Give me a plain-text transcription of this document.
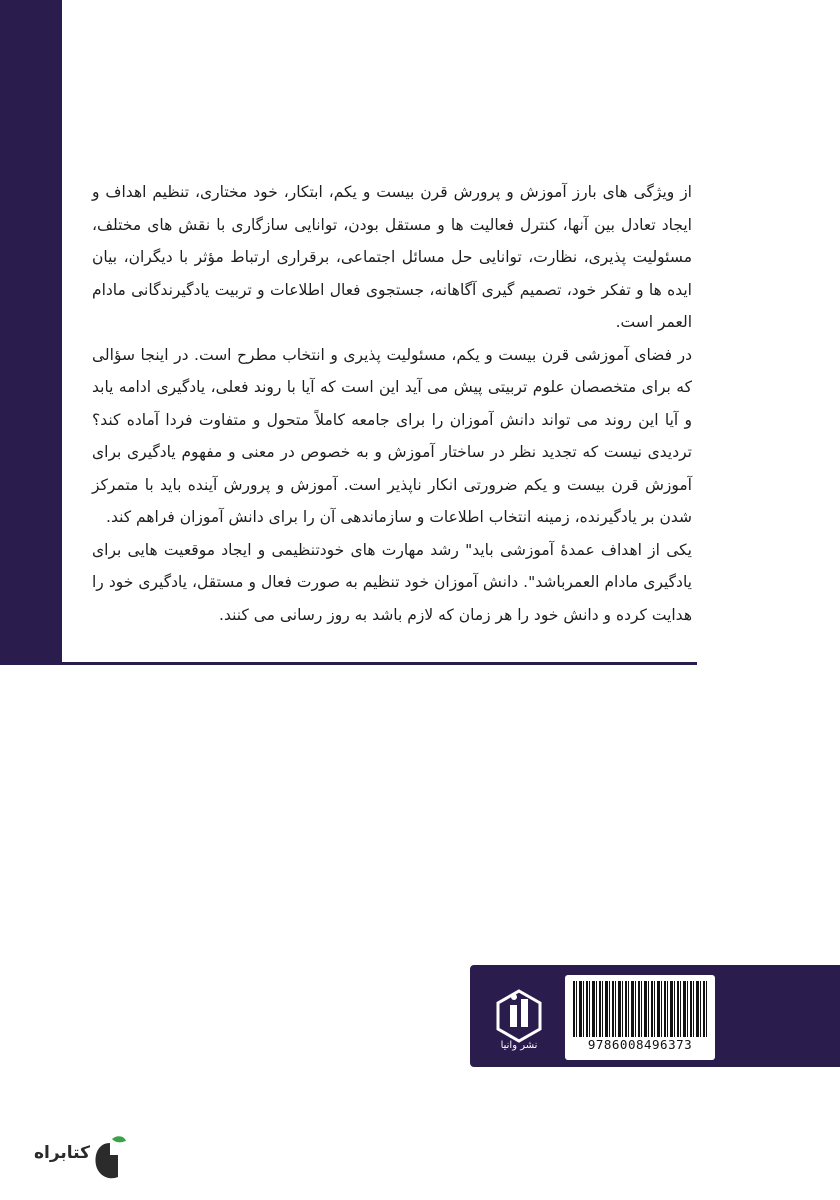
از ویژگی های بارز آموزش و پرورش قرن بیست و یکم، ابتکار، خود مختاری، تنظیم اهداف و ایجاد تعادل بین آنها، کنترل فعالیت ها و مستقل بودن، توانایی سازگاری با نقش های مختلف، مسئولیت پذیری، نظارت، توانایی حل مسائل اجتماعی، برقراری ارتباط مؤثر با دیگران، بیان ایده ها و تفکر خود، تصمیم گیری آگاهانه، جستجوی فعال اطلاعات و تربیت یادگیرندگانی مادام العمر است.

در فضای آموزشی قرن بیست و یکم، مسئولیت پذیری و انتخاب مطرح است. در اینجا سؤالی که برای متخصصان علوم تربیتی پیش می آید این است که آیا با روند فعلی، یادگیری ادامه یابد و آیا این روند می تواند دانش آموزان را برای جامعه کاملاً متحول و متفاوت فردا آماده کند؟ تردیدی نیست که تجدید نظر در ساختار آموزش و به خصوص در معنی و مفهوم یادگیری برای آموزش قرن بیست و یکم ضرورتی انکار ناپذیر است. آموزش و پرورش آینده باید با متمرکز شدن بر یادگیرنده، زمینه انتخاب اطلاعات و سازماندهی آن را برای دانش آموزان فراهم کند.

یکی از اهداف عمدهٔ آموزشی باید" رشد مهارت های خودتنظیمی و ایجاد موقعیت هایی برای یادگیری مادام العمرباشد". دانش آموزان خود تنظیم به صورت فعال و مستقل، یادگیری خود را هدایت کرده و دانش خود را هر زمان که لازم باشد به روز رسانی می کنند.

نشر وانیا	9786008496373
کتابراه
